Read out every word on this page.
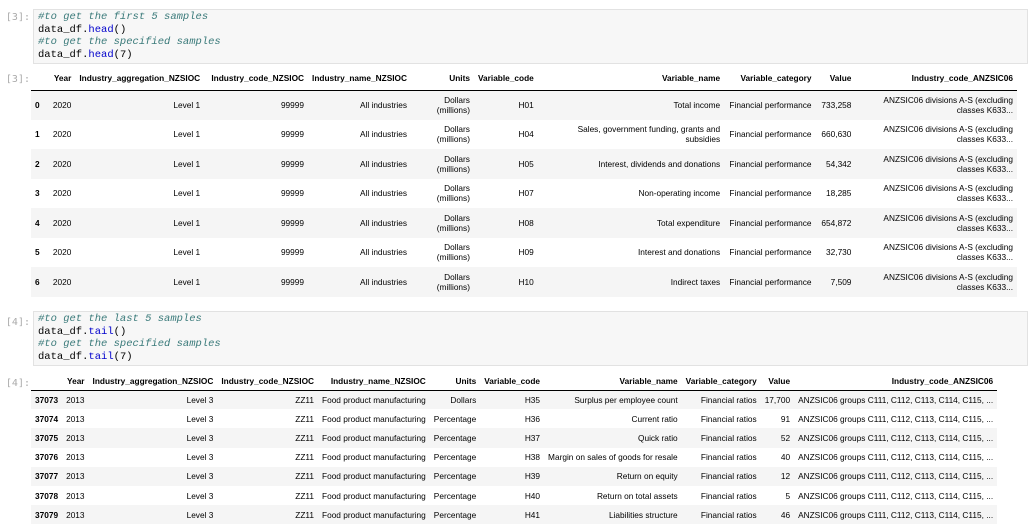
[3]: #to get the first 5 samples
data_df.head()
#to get the specified samples
data_df.head(7)
[3]:
		Year	Industry_aggregation_NZSIOC	Industry_code_NZSIOC	Industry_name_NZSIOC	Units	Variable_code	Variable_name	Variable_category	Value	Industry_code_ANZSIC06
0	2020	Level 1	99999	All industries	Dollars (millions)	H01	Total income	Financial performance	733,258	ANZSIC06 divisions A-S (excluding classes K633...
1	2020	Level 1	99999	All industries	Dollars (millions)	H04	Sales, government funding, grants and subsidies	Financial performance	660,630	ANZSIC06 divisions A-S (excluding classes K633...
2	2020	Level 1	99999	All industries	Dollars (millions)	H05	Interest, dividends and donations	Financial performance	54,342	ANZSIC06 divisions A-S (excluding classes K633...
3	2020	Level 1	99999	All industries	Dollars (millions)	H07	Non-operating income	Financial performance	18,285	ANZSIC06 divisions A-S (excluding classes K633...
4	2020	Level 1	99999	All industries	Dollars (millions)	H08	Total expenditure	Financial performance	654,872	ANZSIC06 divisions A-S (excluding classes K633...
5	2020	Level 1	99999	All industries	Dollars (millions)	H09	Interest and donations	Financial performance	32,730	ANZSIC06 divisions A-S (excluding classes K633...
6	2020	Level 1	99999	All industries	Dollars (millions)	H10	Indirect taxes	Financial performance	7,509	ANZSIC06 divisions A-S (excluding classes K633...
[4]: #to get the last 5 samples
data_df.tail()
#to get the specified samples
data_df.tail(7)
[4]:
		Year	Industry_aggregation_NZSIOC	Industry_code_NZSIOC	Industry_name_NZSIOC	Units	Variable_code	Variable_name	Variable_category	Value	Industry_code_ANZSIC06
37073	2013	Level 3	ZZ11	Food product manufacturing	Dollars	H35	Surplus per employee count	Financial ratios	17,700	ANZSIC06 groups C111, C112, C113, C114, C115, ...
37074	2013	Level 3	ZZ11	Food product manufacturing	Percentage	H36	Current ratio	Financial ratios	91	ANZSIC06 groups C111, C112, C113, C114, C115, ...
37075	2013	Level 3	ZZ11	Food product manufacturing	Percentage	H37	Quick ratio	Financial ratios	52	ANZSIC06 groups C111, C112, C113, C114, C115, ...
37076	2013	Level 3	ZZ11	Food product manufacturing	Percentage	H38	Margin on sales of goods for resale	Financial ratios	40	ANZSIC06 groups C111, C112, C113, C114, C115, ...
37077	2013	Level 3	ZZ11	Food product manufacturing	Percentage	H39	Return on equity	Financial ratios	12	ANZSIC06 groups C111, C112, C113, C114, C115, ...
37078	2013	Level 3	ZZ11	Food product manufacturing	Percentage	H40	Return on total assets	Financial ratios	5	ANZSIC06 groups C111, C112, C113, C114, C115, ...
37079	2013	Level 3	ZZ11	Food product manufacturing	Percentage	H41	Liabilities structure	Financial ratios	46	ANZSIC06 groups C111, C112, C113, C114, C115, ...
